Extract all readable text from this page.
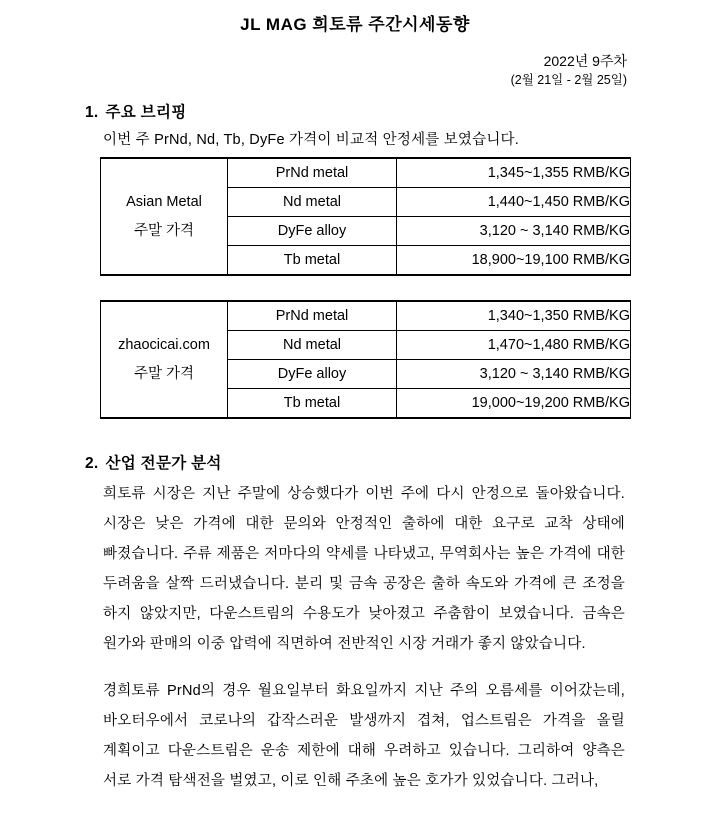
JL MAG 희토류 주간시세동향
2022년 9주차
(2월 21일 - 2월 25일)
1. 주요 브리핑
이번 주 PrNd, Nd, Tb, DyFe 가격이 비교적 안정세를 보였습니다.
Asian Metal
주말 가격	PrNd metal	1,345~1,355 RMB/KG
	Nd metal	1,440~1,450 RMB/KG
	DyFe alloy	3,120 ~ 3,140 RMB/KG
	Tb metal	18,900~19,100 RMB/KG
zhaocicai.com
주말 가격	PrNd metal	1,340~1,350 RMB/KG
	Nd metal	1,470~1,480 RMB/KG
	DyFe alloy	3,120 ~ 3,140 RMB/KG
	Tb metal	19,000~19,200 RMB/KG
2. 산업 전문가 분석
희토류 시장은 지난 주말에 상승했다가 이번 주에 다시 안정으로 돌아왔습니다. 시장은 낮은 가격에 대한 문의와 안정적인 출하에 대한 요구로 교착 상태에 빠졌습니다. 주류 제품은 저마다의 약세를 나타냈고, 무역회사는 높은 가격에 대한 두려움을 살짝 드러냈습니다. 분리 및 금속 공장은 출하 속도와 가격에 큰 조정을 하지 않았지만, 다운스트림의 수용도가 낮아졌고 주춤함이 보였습니다. 금속은 원가와 판매의 이중 압력에 직면하여 전반적인 시장 거래가 좋지 않았습니다.
경희토류 PrNd의 경우 월요일부터 화요일까지 지난 주의 오름세를 이어갔는데, 바오터우에서 코로나의 갑작스러운 발생까지 겹쳐, 업스트림은 가격을 올릴 계획이고 다운스트림은 운송 제한에 대해 우려하고 있습니다. 그리하여 양측은 서로 가격 탐색전을 벌였고, 이로 인해 주초에 높은 호가가 있었습니다. 그러나,
